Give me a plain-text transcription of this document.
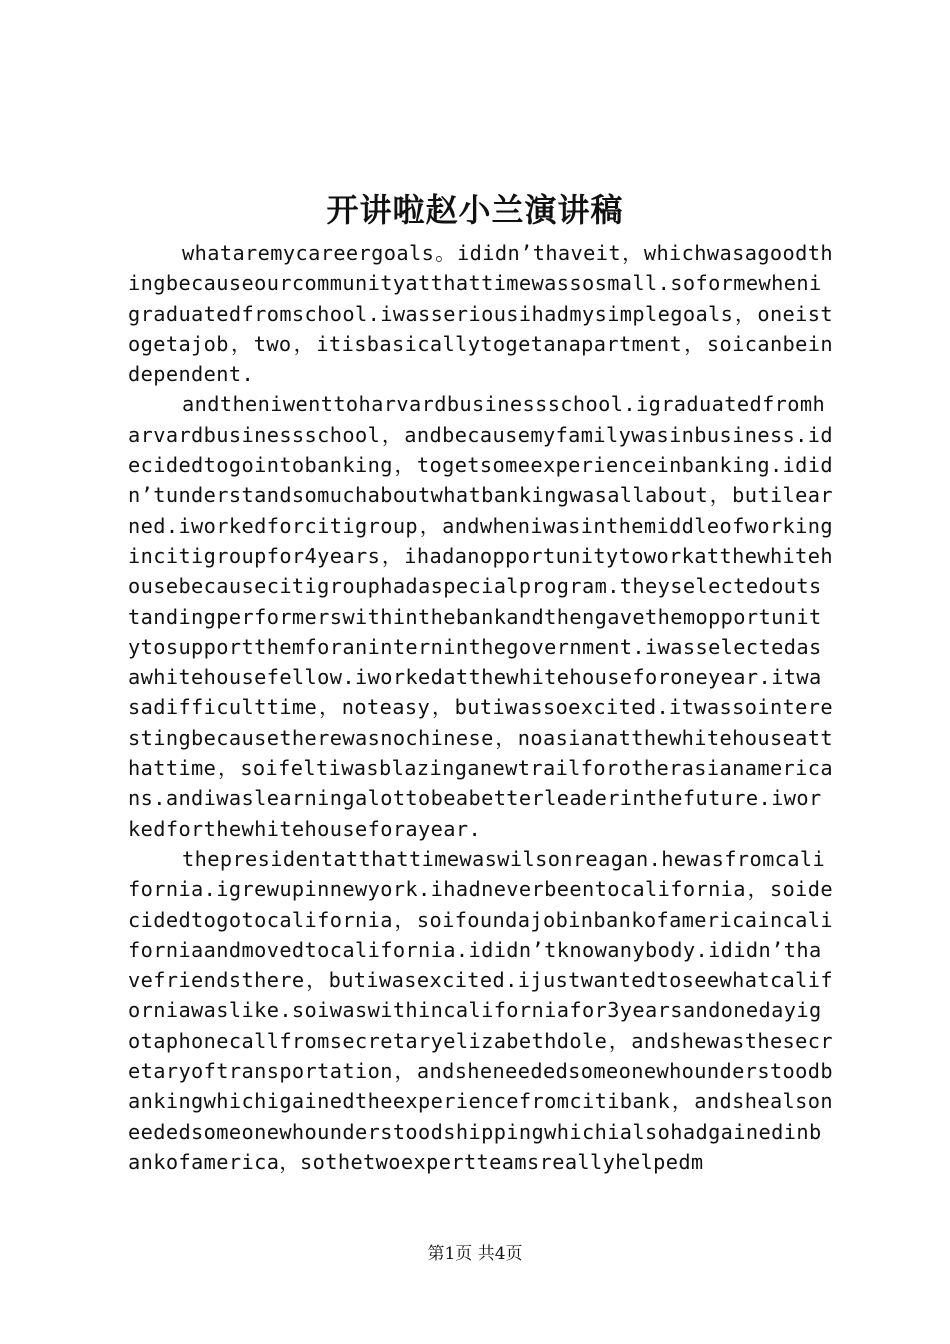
开讲啦赵小兰演讲稿

whataremycareergoals。ididn’thaveit，whichwasagoodthingbecauseourcommunityatthattimewassosmall.soformewhenigraduatedfromschool.iwasseriousihadmysimplegoals，oneistogetajob，two，itisbasicallytogetanapartment，soicanbeindependent.

andtheniwenttoharvardbusinessschool.igraduatedfromharvardbusinessschool，andbecausemyfamilywasinbusiness.idecidedtogointobanking，togetsomeexperienceinbanking.ididn’tunderstandsomuchaboutwhatbankingwasallabout，butilearned.iworkedforcitigroup，andwheniwasinthemiddleofworkingincitigroupfor4years，ihadanopportunitytoworkatthewhitehousebecausecitigrouphadaspecialprogram.theyselectedoutstandingperformerswithinthebankandthengavethemopportunitytosupportthemforaninterninthegovernment.iwasselectedasawhitehousefellow.iworkedatthewhitehouseforoneyear.itwasadifficulttime，noteasy，butiwassoexcited.itwassointerestingbecausetherewasnochinese，noasianatthewhitehouseatthattime，soifeltiwasblazinganewtrailforotherasianamericans.andiwaslearningalottobeabetterleaderinthefuture.iworkedforthewhitehouseforayear.

thepresidentatthattimewaswilsonreagan.hewasfromcalifornia.igrewupinnewyork.ihadneverbeentocalifornia，soidecidedtogotocalifornia，soifoundajobinbankofamericaincaliforniaandmovedtocalifornia.ididn’tknowanybody.ididn’thavefriendsthere，butiwasexcited.ijustwantedtoseewhatcaliforniawaslike.soiwaswithincaliforniafor3yearsandonedayigotaphonecallfromsecretaryelizabethdole，andshewasthesecretaryoftransportation，andsheneededsomeonewhounderstoodbankingwhichigainedtheexperiencefromcitibank，andshealsoneededsomeonewhounderstoodshippingwhichialsohadgainedinbankofamerica，sothetwoexpertteamsreallyhelpedm

第1页 共4页
